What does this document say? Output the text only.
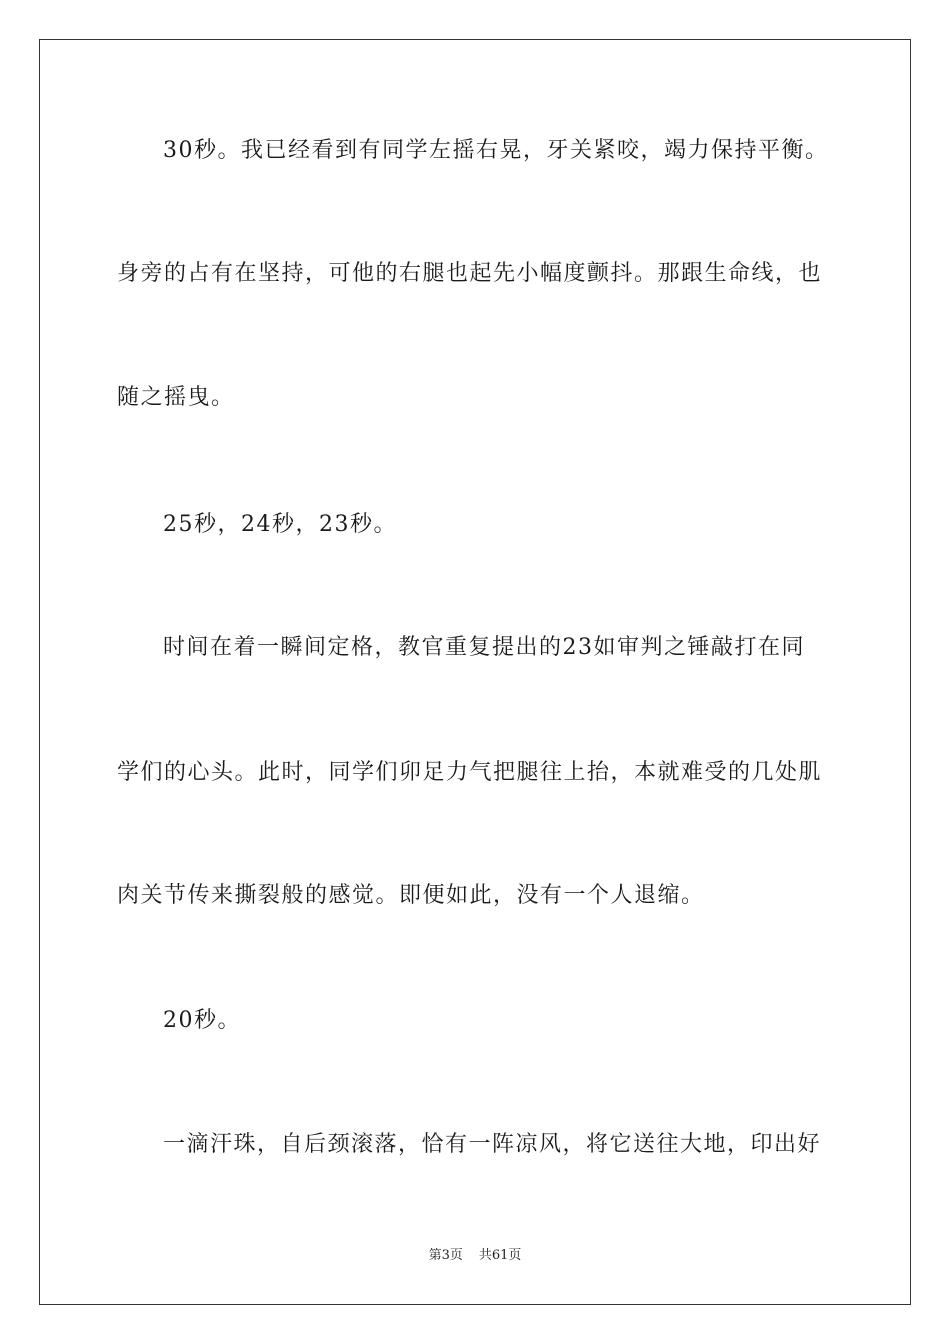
30秒。我已经看到有同学左摇右晃，牙关紧咬，竭力保持平衡。
身旁的占有在坚持，可他的右腿也起先小幅度颤抖。那跟生命线，也
随之摇曳。
25秒，24秒，23秒。
时间在着一瞬间定格，教官重复提出的23如审判之锤敲打在同
学们的心头。此时，同学们卯足力气把腿往上抬，本就难受的几处肌
肉关节传来撕裂般的感觉。即便如此，没有一个人退缩。
20秒。
一滴汗珠，自后颈滚落，恰有一阵凉风，将它送往大地，印出好
第3页 共61页
